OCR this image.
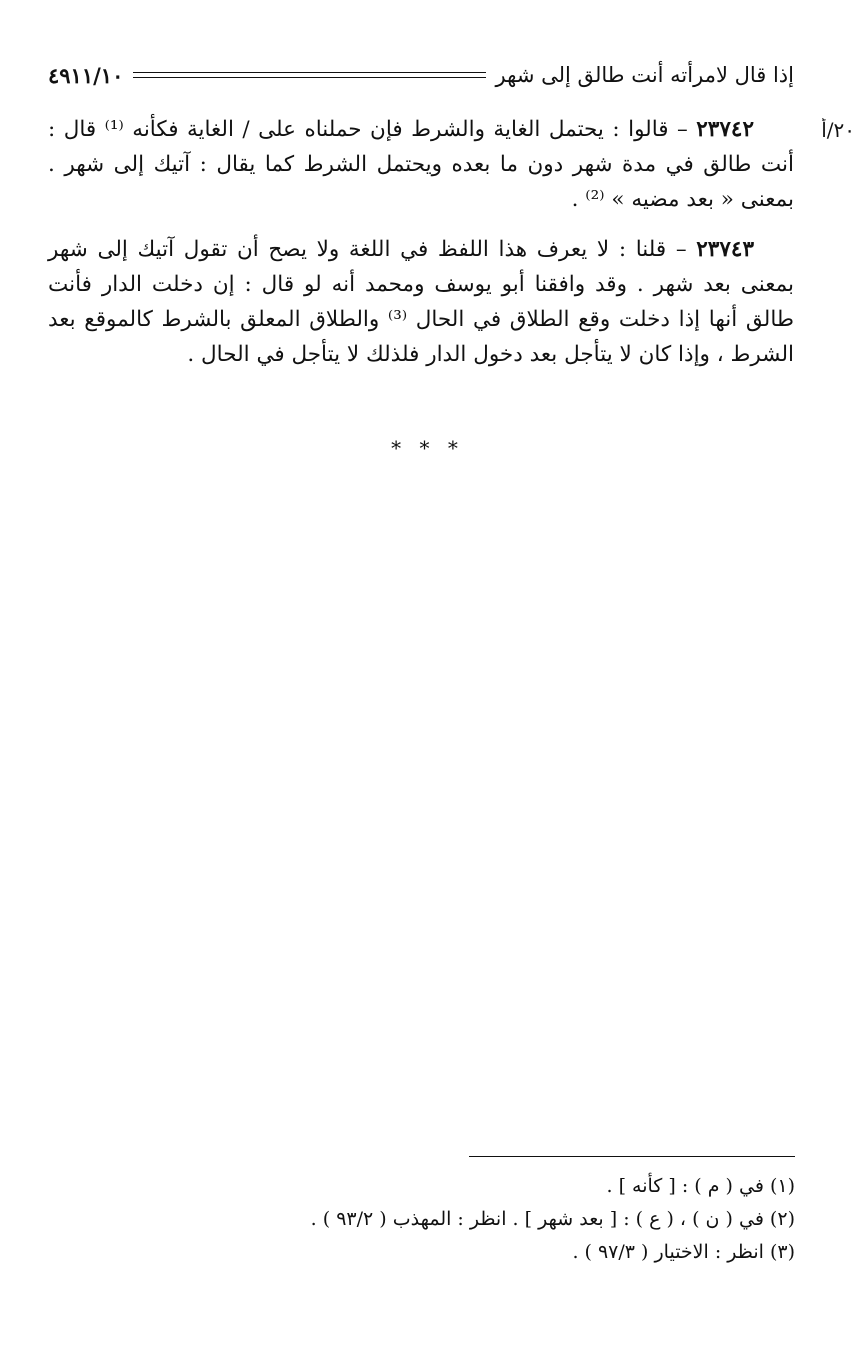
إذا قال لامرأته أنت طالق إلى شهر
٤٩١١/١٠
٢٠/أ

٢٣٧٤٢ – قالوا : يحتمل الغاية والشرط فإن حملناه على / الغاية فكأنه ⁽¹⁾ قال : أنت طالق في مدة شهر دون ما بعده ويحتمل الشرط كما يقال : آتيك إلى شهر . بمعنى « بعد مضيه » ⁽²⁾ .

٢٣٧٤٣ – قلنا : لا يعرف هذا اللفظ في اللغة ولا يصح أن تقول آتيك إلى شهر بمعنى بعد شهر . وقد وافقنا أبو يوسف ومحمد أنه لو قال : إن دخلت الدار فأنت طالق أنها إذا دخلت وقع الطلاق في الحال ⁽³⁾ والطلاق المعلق بالشرط كالموقع بعد الشرط ، وإذا كان لا يتأجل بعد دخول الدار فلذلك لا يتأجل في الحال .

* * *

(١) في ( م ) : [ كأنه ] .

(٢) في ( ن ) ، ( ع ) : [ بعد شهر ] . انظر : المهذب ( ٩٣/٢ ) .

(٣) انظر : الاختيار ( ٩٧/٣ ) .
